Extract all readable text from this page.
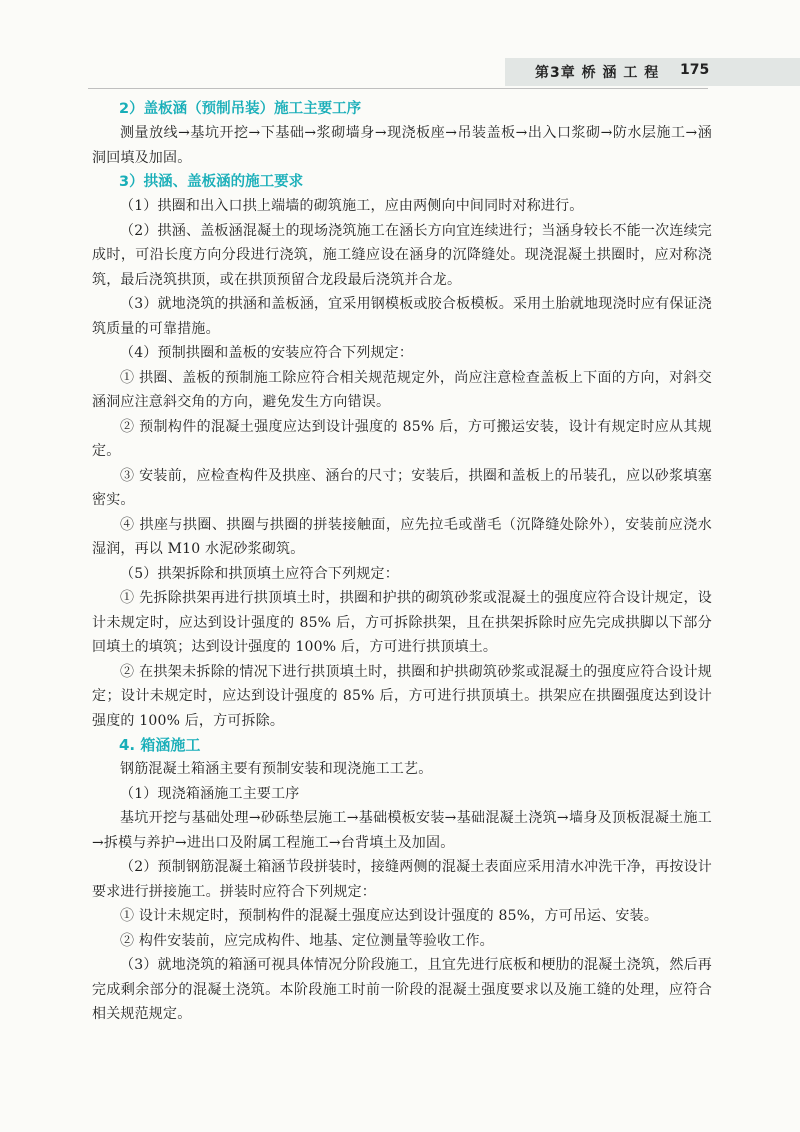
第3章 桥 涵 工 程 175
2）盖板涵（预制吊装）施工主要工序
测量放线→基坑开挖→下基础→浆砌墙身→现浇板座→吊装盖板→出入口浆砌→防水层施工→涵洞回填及加固。
3）拱涵、盖板涵的施工要求
（1）拱圈和出入口拱上端墙的砌筑施工，应由两侧向中间同时对称进行。
（2）拱涵、盖板涵混凝土的现场浇筑施工在涵长方向宜连续进行；当涵身较长不能一次连续完成时，可沿长度方向分段进行浇筑，施工缝应设在涵身的沉降缝处。现浇混凝土拱圈时，应对称浇筑，最后浇筑拱顶，或在拱顶预留合龙段最后浇筑并合龙。
（3）就地浇筑的拱涵和盖板涵，宜采用钢模板或胶合板模板。采用土胎就地现浇时应有保证浇筑质量的可靠措施。
（4）预制拱圈和盖板的安装应符合下列规定：
① 拱圈、盖板的预制施工除应符合相关规范规定外，尚应注意检查盖板上下面的方向，对斜交涵洞应注意斜交角的方向，避免发生方向错误。
② 预制构件的混凝土强度应达到设计强度的 85% 后，方可搬运安装，设计有规定时应从其规定。
③ 安装前，应检查构件及拱座、涵台的尺寸；安装后，拱圈和盖板上的吊装孔，应以砂浆填塞密实。
④ 拱座与拱圈、拱圈与拱圈的拼装接触面，应先拉毛或凿毛（沉降缝处除外），安装前应浇水湿润，再以 M10 水泥砂浆砌筑。
（5）拱架拆除和拱顶填土应符合下列规定：
① 先拆除拱架再进行拱顶填土时，拱圈和护拱的砌筑砂浆或混凝土的强度应符合设计规定，设计未规定时，应达到设计强度的 85% 后，方可拆除拱架，且在拱架拆除时应先完成拱脚以下部分回填土的填筑；达到设计强度的 100% 后，方可进行拱顶填土。
② 在拱架未拆除的情况下进行拱顶填土时，拱圈和护拱砌筑砂浆或混凝土的强度应符合设计规定；设计未规定时，应达到设计强度的 85% 后，方可进行拱顶填土。拱架应在拱圈强度达到设计强度的 100% 后，方可拆除。
4. 箱涵施工
钢筋混凝土箱涵主要有预制安装和现浇施工工艺。
（1）现浇箱涵施工主要工序
基坑开挖与基础处理→砂砾垫层施工→基础模板安装→基础混凝土浇筑→墙身及顶板混凝土施工→拆模与养护→进出口及附属工程施工→台背填土及加固。
（2）预制钢筋混凝土箱涵节段拼装时，接缝两侧的混凝土表面应采用清水冲洗干净，再按设计要求进行拼接施工。拼装时应符合下列规定：
① 设计未规定时，预制构件的混凝土强度应达到设计强度的 85%，方可吊运、安装。
② 构件安装前，应完成构件、地基、定位测量等验收工作。
（3）就地浇筑的箱涵可视具体情况分阶段施工，且宜先进行底板和梗肋的混凝土浇筑，然后再完成剩余部分的混凝土浇筑。本阶段施工时前一阶段的混凝土强度要求以及施工缝的处理，应符合相关规范规定。
